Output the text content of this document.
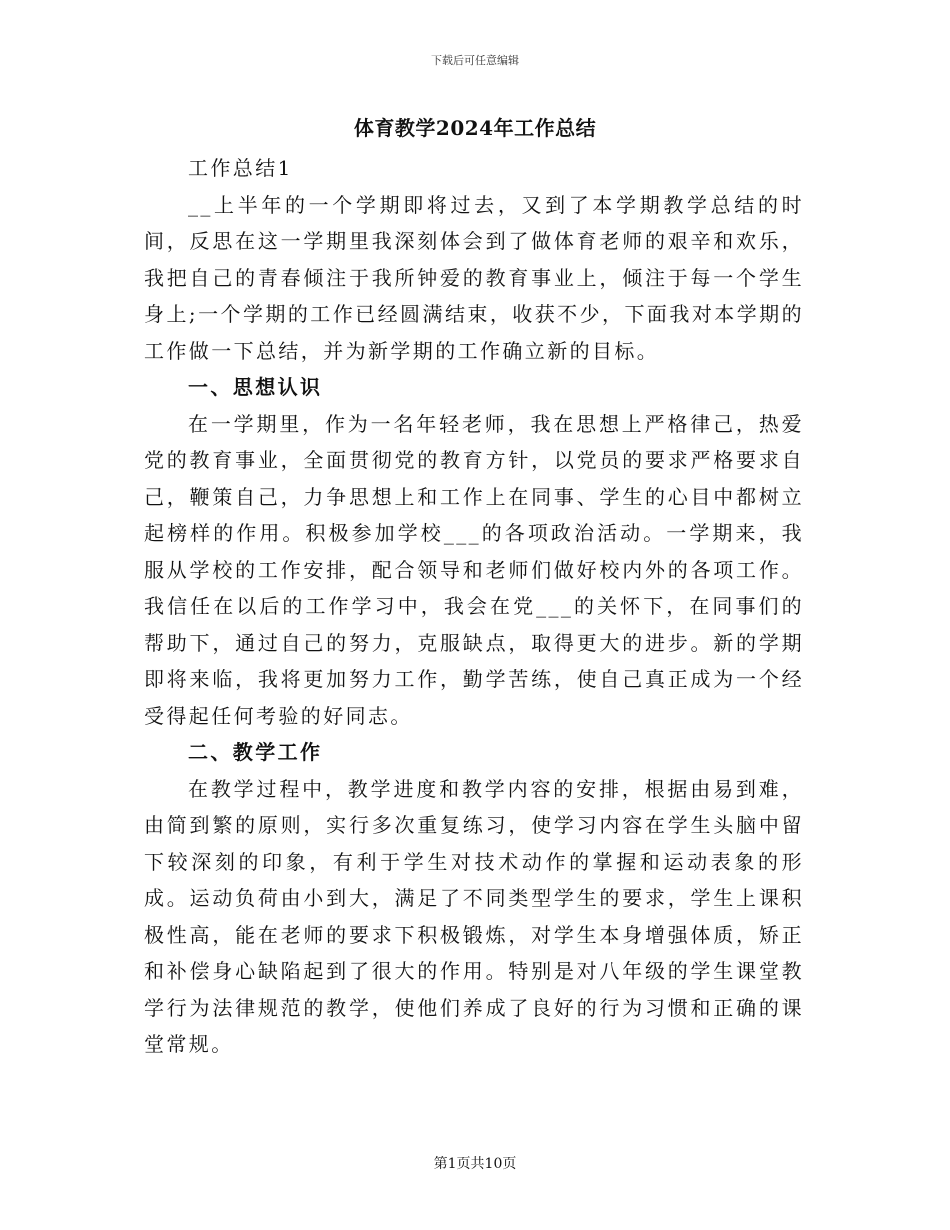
下载后可任意编辑
体育教学2024年工作总结

工作总结1

__上半年的一个学期即将过去，又到了本学期教学总结的时间，反思在这一学期里我深刻体会到了做体育老师的艰辛和欢乐，我把自己的青春倾注于我所钟爱的教育事业上，倾注于每一个学生身上;一个学期的工作已经圆满结束，收获不少，下面我对本学期的工作做一下总结，并为新学期的工作确立新的目标。

一、思想认识

在一学期里，作为一名年轻老师，我在思想上严格律己，热爱党的教育事业，全面贯彻党的教育方针，以党员的要求严格要求自己，鞭策自己，力争思想上和工作上在同事、学生的心目中都树立起榜样的作用。积极参加学校___的各项政治活动。一学期来，我服从学校的工作安排，配合领导和老师们做好校内外的各项工作。我信任在以后的工作学习中，我会在党___的关怀下，在同事们的帮助下，通过自己的努力，克服缺点，取得更大的进步。新的学期即将来临，我将更加努力工作，勤学苦练，使自己真正成为一个经受得起任何考验的好同志。

二、教学工作

在教学过程中，教学进度和教学内容的安排，根据由易到难，由简到繁的原则，实行多次重复练习，使学习内容在学生头脑中留下较深刻的印象，有利于学生对技术动作的掌握和运动表象的形成。运动负荷由小到大，满足了不同类型学生的要求，学生上课积极性高，能在老师的要求下积极锻炼，对学生本身增强体质，矫正和补偿身心缺陷起到了很大的作用。特别是对八年级的学生课堂教学行为法律规范的教学，使他们养成了良好的行为习惯和正确的课堂常规。

第1页共10页
